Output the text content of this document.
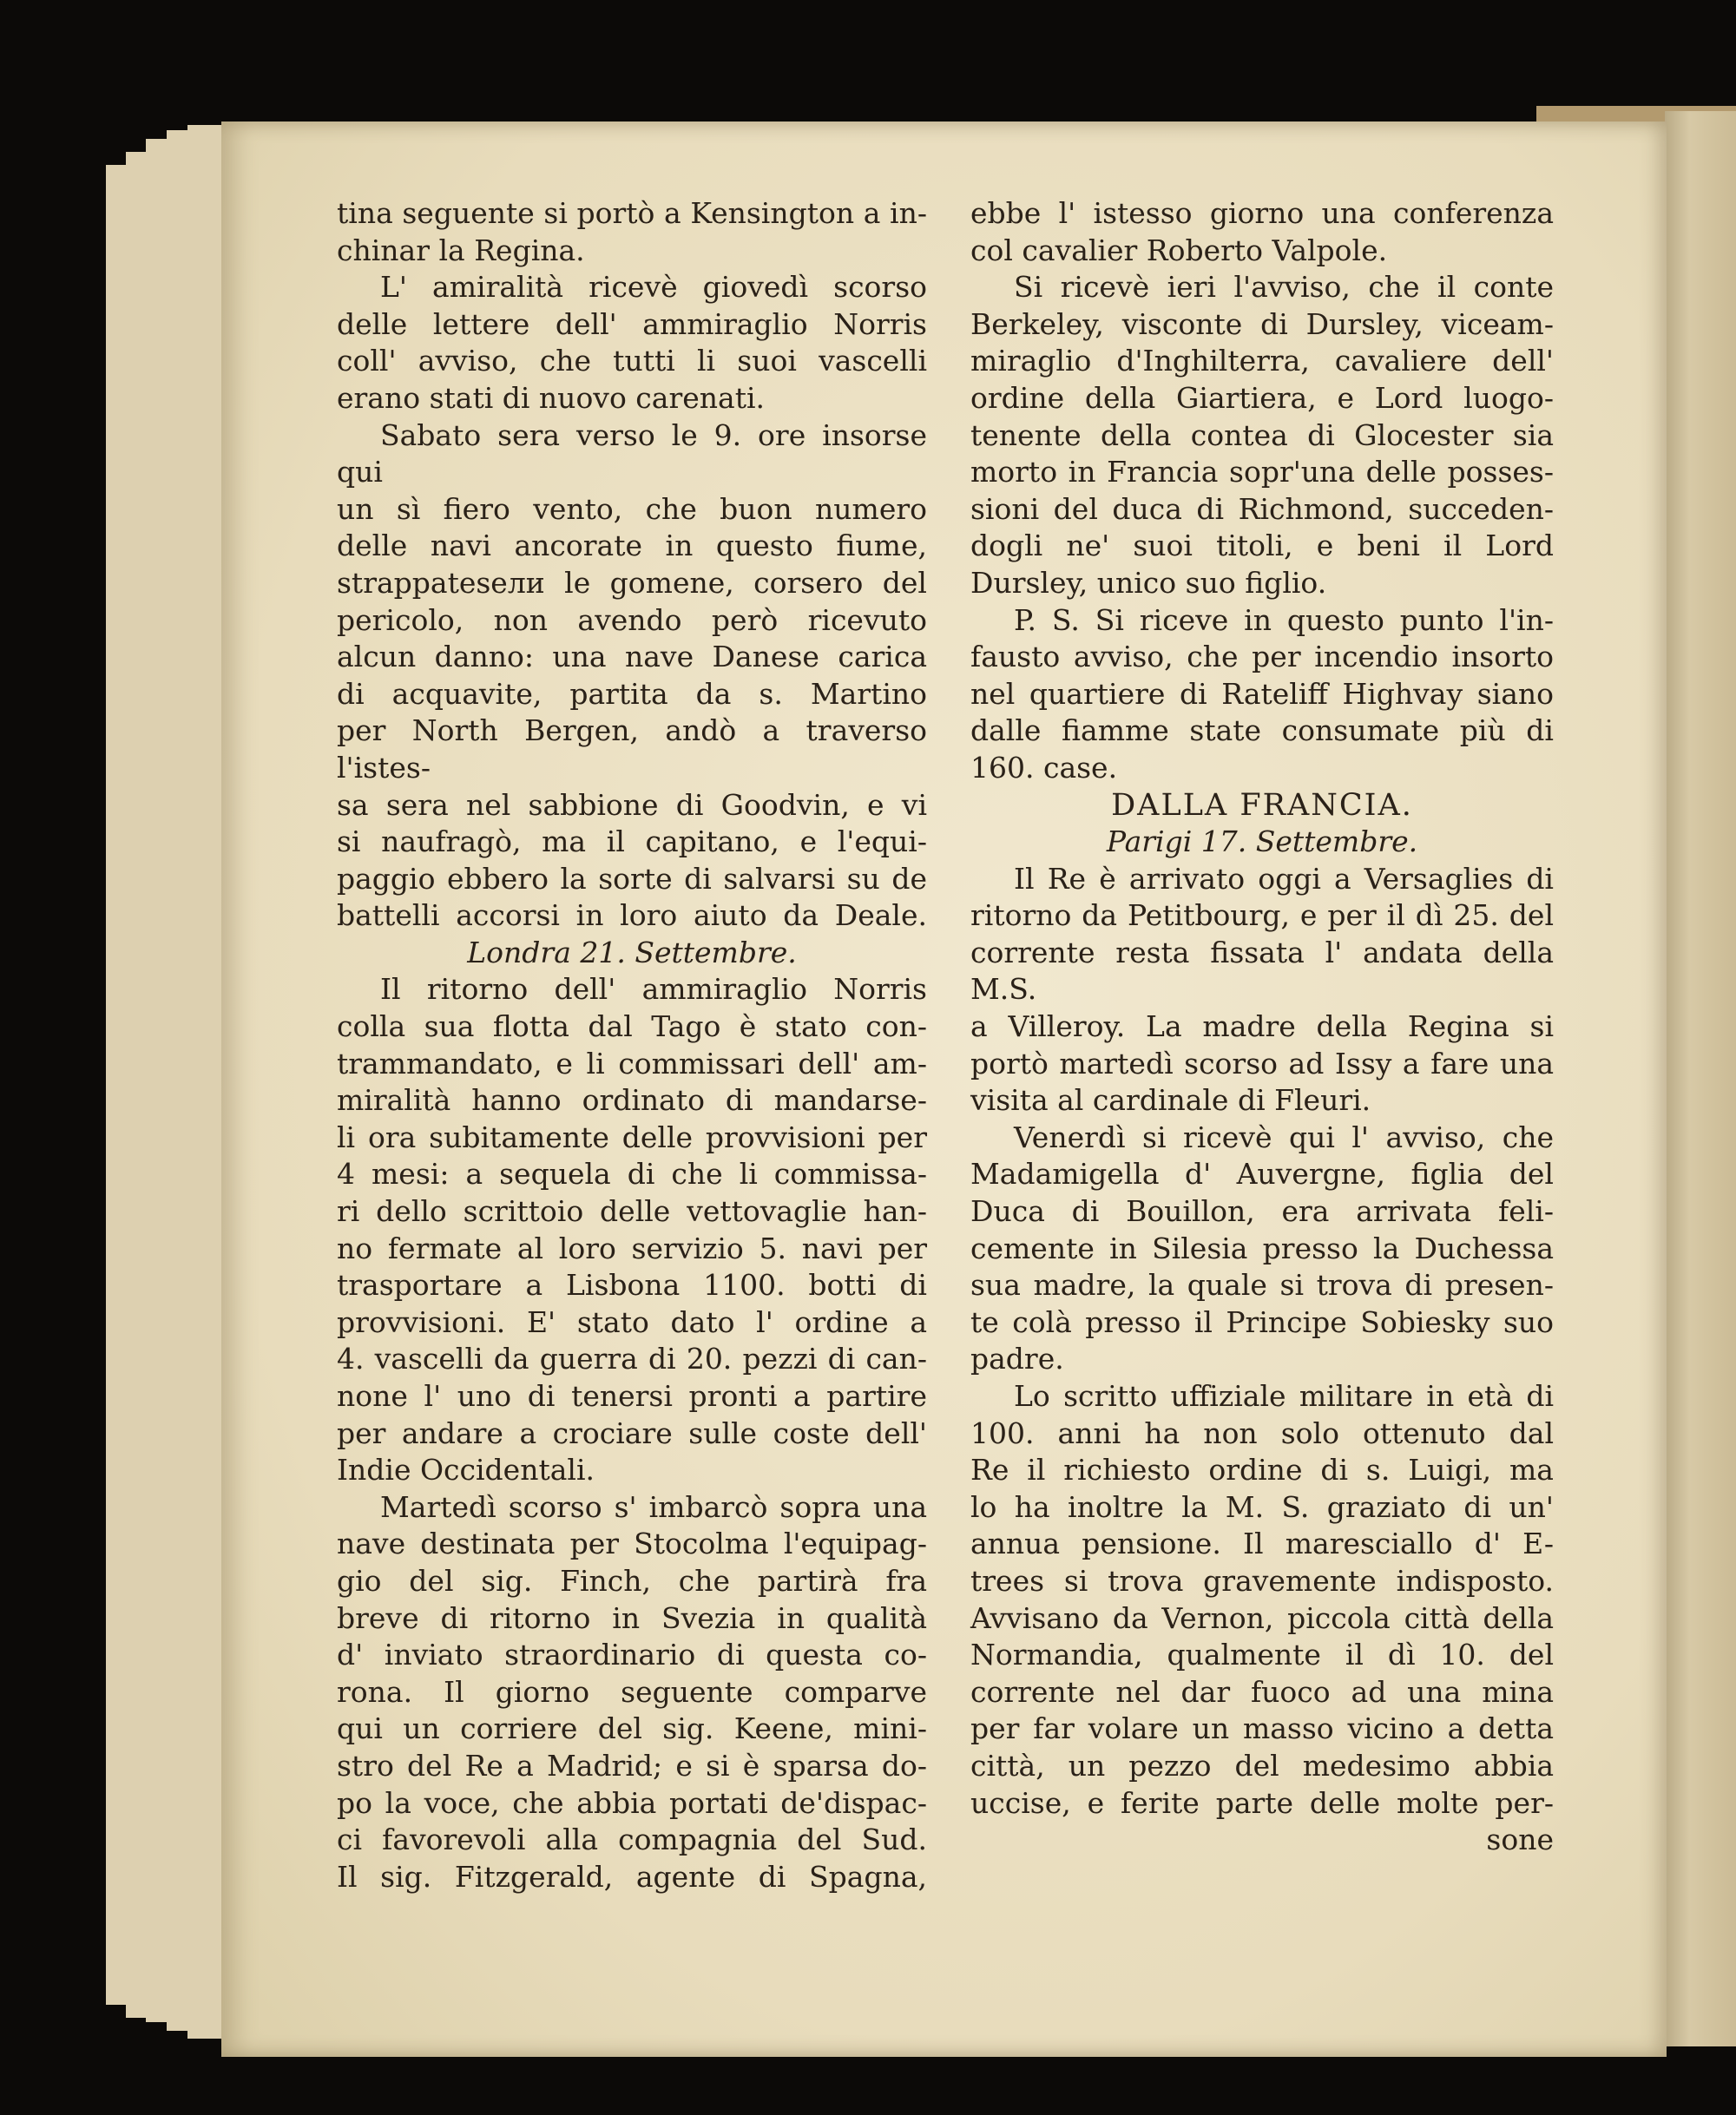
tina seguente si portò a Kensington a in-

chinar la Regina.

L' amiralità ricevè giovedì scorso

delle lettere dell' ammiraglio Norris

coll' avviso, che tutti li suoi vascelli

erano stati di nuovo carenati.

Sabato sera verso le 9. ore insorse qui

un sì fiero vento, che buon numero

delle navi ancorate in questo fiume,

strappatesели le gomene, corsero del

pericolo, non avendo però ricevuto

alcun danno: una nave Danese carica

di acquavite, partita da s. Martino

per North Bergen, andò a traverso l'istes-

sa sera nel sabbione di Goodvin, e vi

si naufragò, ma il capitano, e l'equi-

paggio ebbero la sorte di salvarsi su de

battelli accorsi in loro aiuto da Deale.

Londra 21. Settembre.

Il ritorno dell' ammiraglio Norris

colla sua flotta dal Tago è stato con-

trammandato, e li commissari dell' am-

miralità hanno ordinato di mandarse-

li ora subitamente delle provvisioni per

4 mesi: a sequela di che li commissa-

ri dello scrittoio delle vettovaglie han-

no fermate al loro servizio 5. navi per

trasportare a Lisbona 1100. botti di

provvisioni. E' stato dato l' ordine a

4. vascelli da guerra di 20. pezzi di can-

none l' uno di tenersi pronti a partire

per andare a crociare sulle coste dell'

Indie Occidentali.

Martedì scorso s' imbarcò sopra una

nave destinata per Stocolma l'equipag-

gio del sig. Finch, che partirà fra

breve di ritorno in Svezia in qualità

d' inviato straordinario di questa co-

rona. Il giorno seguente comparve

qui un corriere del sig. Keene, mini-

stro del Re a Madrid; e si è sparsa do-

po la voce, che abbia portati de'dispac-

ci favorevoli alla compagnia del Sud.

Il sig. Fitzgerald, agente di Spagna,

ebbe l' istesso giorno una conferenza

col cavalier Roberto Valpole.

Si ricevè ieri l'avviso, che il conte

Berkeley, visconte di Dursley, viceam-

miraglio d'Inghilterra, cavaliere dell'

ordine della Giartiera, e Lord luogo-

tenente della contea di Glocester sia

morto in Francia sopr'una delle posses-

sioni del duca di Richmond, succeden-

dogli ne' suoi titoli, e beni il Lord

Dursley, unico suo figlio.

P. S. Si riceve in questo punto l'in-

fausto avviso, che per incendio insorto

nel quartiere di Rateliff Highvay siano

dalle fiamme state consumate più di

160. case.

DALLA FRANCIA.

Parigi 17. Settembre.

Il Re è arrivato oggi a Versaglies di

ritorno da Petitbourg, e per il dì 25. del

corrente resta fissata l' andata della M.S.

a Villeroy. La madre della Regina si

portò martedì scorso ad Issy a fare una

visita al cardinale di Fleuri.

Venerdì si ricevè qui l' avviso, che

Madamigella d' Auvergne, figlia del

Duca di Bouillon, era arrivata feli-

cemente in Silesia presso la Duchessa

sua madre, la quale si trova di presen-

te colà presso il Principe Sobiesky suo

padre.

Lo scritto uffiziale militare in età di

100. anni ha non solo ottenuto dal

Re il richiesto ordine di s. Luigi, ma

lo ha inoltre la M. S. graziato di un'

annua pensione. Il maresciallo d' E-

trees si trova gravemente indisposto.

Avvisano da Vernon, piccola città della

Normandia, qualmente il dì 10. del

corrente nel dar fuoco ad una mina

per far volare un masso vicino a detta

città, un pezzo del medesimo abbia

uccise, e ferite parte delle molte per-

sone
